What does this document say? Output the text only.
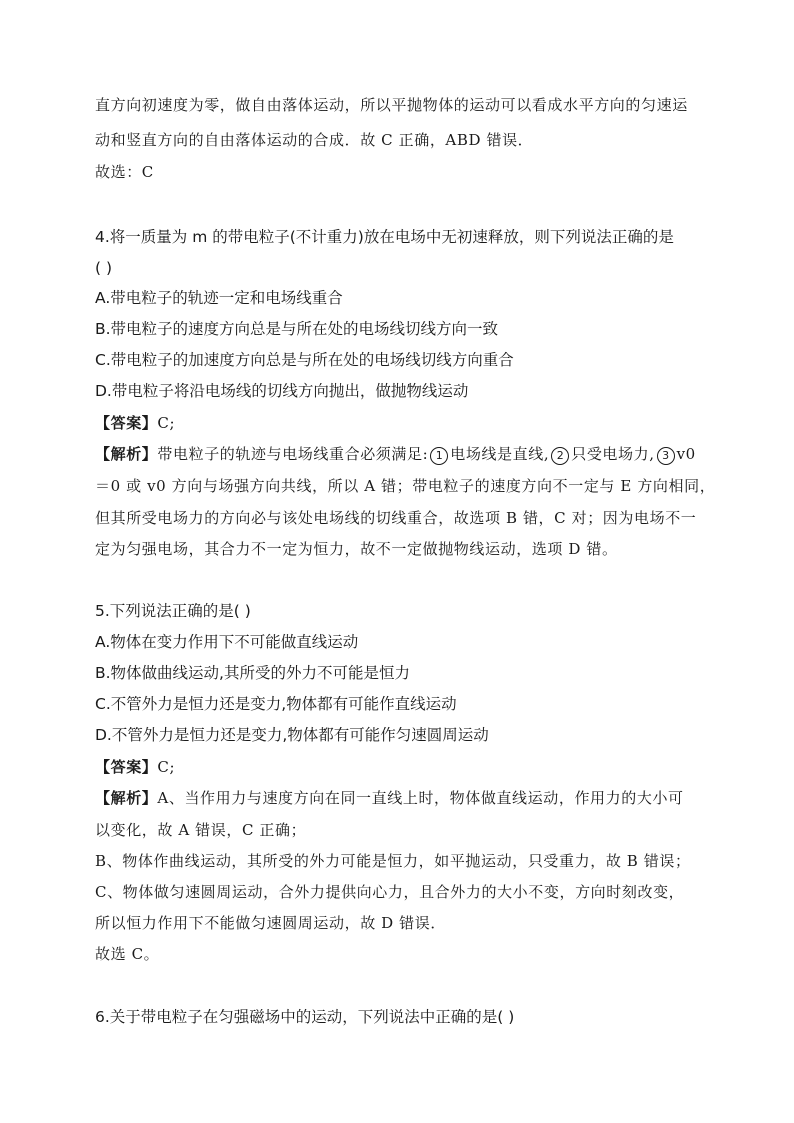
直方向初速度为零，做自由落体运动，所以平抛物体的运动可以看成水平方向的匀速运
动和竖直方向的自由落体运动的合成．故 C 正确，ABD 错误．
故选：C
4.将一质量为 m 的带电粒子(不计重力)放在电场中无初速释放，则下列说法正确的是
( )
A.带电粒子的轨迹一定和电场线重合
B.带电粒子的速度方向总是与所在处的电场线切线方向一致
C.带电粒子的加速度方向总是与所在处的电场线切线方向重合
D.带电粒子将沿电场线的切线方向抛出，做抛物线运动
【答案】C;
【解析】带电粒子的轨迹与电场线重合必须满足: 1 电场线是直线, 2 只受电场力, 3 v0
＝0 或 v0 方向与场强方向共线，所以 A 错；带电粒子的速度方向不一定与 E 方向相同，
但其所受电场力的方向必与该处电场线的切线重合，故选项 B 错，C 对；因为电场不一
定为匀强电场，其合力不一定为恒力，故不一定做抛物线运动，选项 D 错。
5.下列说法正确的是( )
A.物体在变力作用下不可能做直线运动
B.物体做曲线运动,其所受的外力不可能是恒力
C.不管外力是恒力还是变力,物体都有可能作直线运动
D.不管外力是恒力还是变力,物体都有可能作匀速圆周运动
【答案】C;
【解析】A、当作用力与速度方向在同一直线上时，物体做直线运动，作用力的大小可
以变化，故 A 错误，C 正确；
B、物体作曲线运动，其所受的外力可能是恒力，如平抛运动，只受重力，故 B 错误；
C、物体做匀速圆周运动，合外力提供向心力，且合外力的大小不变，方向时刻改变，
所以恒力作用下不能做匀速圆周运动，故 D 错误．
故选 C。
6.关于带电粒子在匀强磁场中的运动，下列说法中正确的是( )
